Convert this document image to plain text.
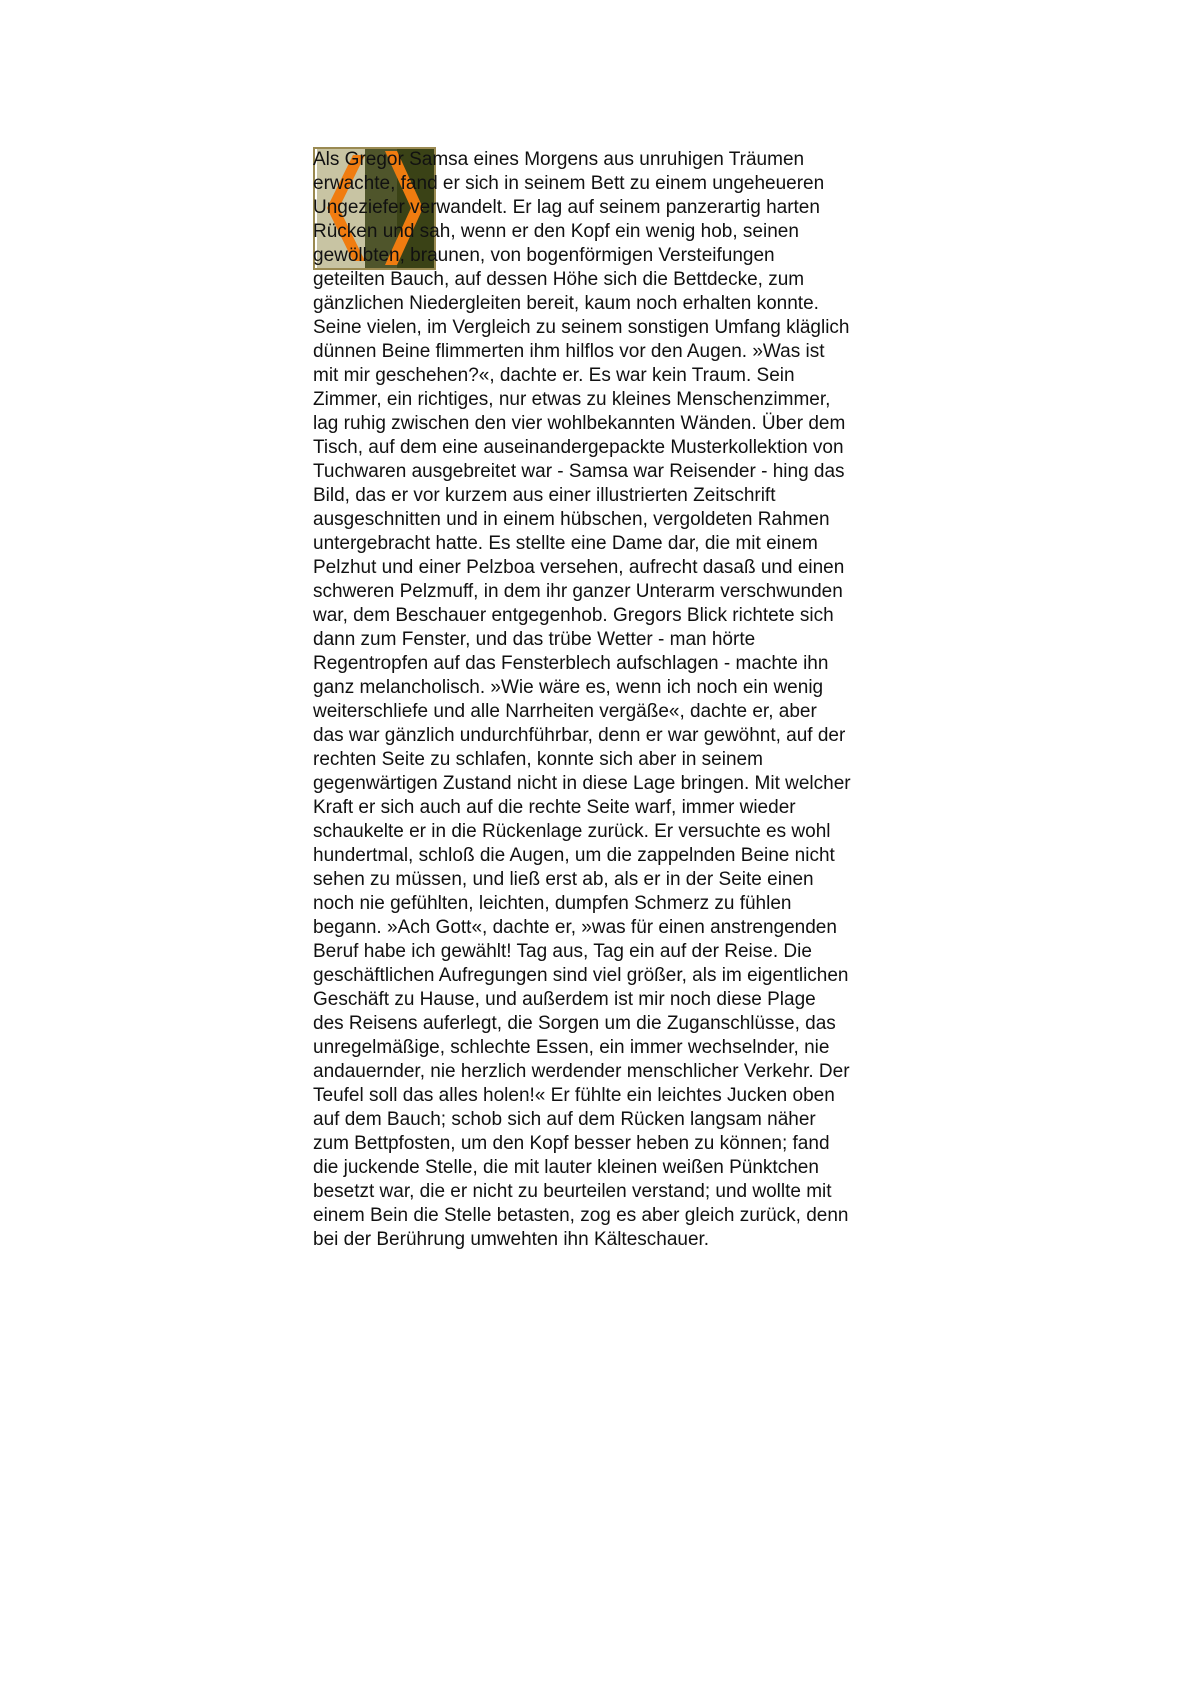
Als Gregor Samsa eines Morgens aus unruhigen Träumen
erwachte, fand er sich in seinem Bett zu einem ungeheueren
Ungeziefer verwandelt. Er lag auf seinem panzerartig harten
Rücken und sah, wenn er den Kopf ein wenig hob, seinen
gewölbten, braunen, von bogenförmigen Versteifungen
geteilten Bauch, auf dessen Höhe sich die Bettdecke, zum
gänzlichen Niedergleiten bereit, kaum noch erhalten konnte.
Seine vielen, im Vergleich zu seinem sonstigen Umfang kläglich
dünnen Beine flimmerten ihm hilflos vor den Augen. »Was ist
mit mir geschehen?«, dachte er. Es war kein Traum. Sein
Zimmer, ein richtiges, nur etwas zu kleines Menschenzimmer,
lag ruhig zwischen den vier wohlbekannten Wänden. Über dem
Tisch, auf dem eine auseinandergepackte Musterkollektion von
Tuchwaren ausgebreitet war - Samsa war Reisender - hing das
Bild, das er vor kurzem aus einer illustrierten Zeitschrift
ausgeschnitten und in einem hübschen, vergoldeten Rahmen
untergebracht hatte. Es stellte eine Dame dar, die mit einem
Pelzhut und einer Pelzboa versehen, aufrecht dasaß und einen
schweren Pelzmuff, in dem ihr ganzer Unterarm verschwunden
war, dem Beschauer entgegenhob. Gregors Blick richtete sich
dann zum Fenster, und das trübe Wetter - man hörte
Regentropfen auf das Fensterblech aufschlagen - machte ihn
ganz melancholisch. »Wie wäre es, wenn ich noch ein wenig
weiterschliefe und alle Narrheiten vergäße«, dachte er, aber
das war gänzlich undurchführbar, denn er war gewöhnt, auf der
rechten Seite zu schlafen, konnte sich aber in seinem
gegenwärtigen Zustand nicht in diese Lage bringen. Mit welcher
Kraft er sich auch auf die rechte Seite warf, immer wieder
schaukelte er in die Rückenlage zurück. Er versuchte es wohl
hundertmal, schloß die Augen, um die zappelnden Beine nicht
sehen zu müssen, und ließ erst ab, als er in der Seite einen
noch nie gefühlten, leichten, dumpfen Schmerz zu fühlen
begann. »Ach Gott«, dachte er, »was für einen anstrengenden
Beruf habe ich gewählt! Tag aus, Tag ein auf der Reise. Die
geschäftlichen Aufregungen sind viel größer, als im eigentlichen
Geschäft zu Hause, und außerdem ist mir noch diese Plage
des Reisens auferlegt, die Sorgen um die Zuganschlüsse, das
unregelmäßige, schlechte Essen, ein immer wechselnder, nie
andauernder, nie herzlich werdender menschlicher Verkehr. Der
Teufel soll das alles holen!« Er fühlte ein leichtes Jucken oben
auf dem Bauch; schob sich auf dem Rücken langsam näher
zum Bettpfosten, um den Kopf besser heben zu können; fand
die juckende Stelle, die mit lauter kleinen weißen Pünktchen
besetzt war, die er nicht zu beurteilen verstand; und wollte mit
einem Bein die Stelle betasten, zog es aber gleich zurück, denn
bei der Berührung umwehten ihn Kälteschauer.
